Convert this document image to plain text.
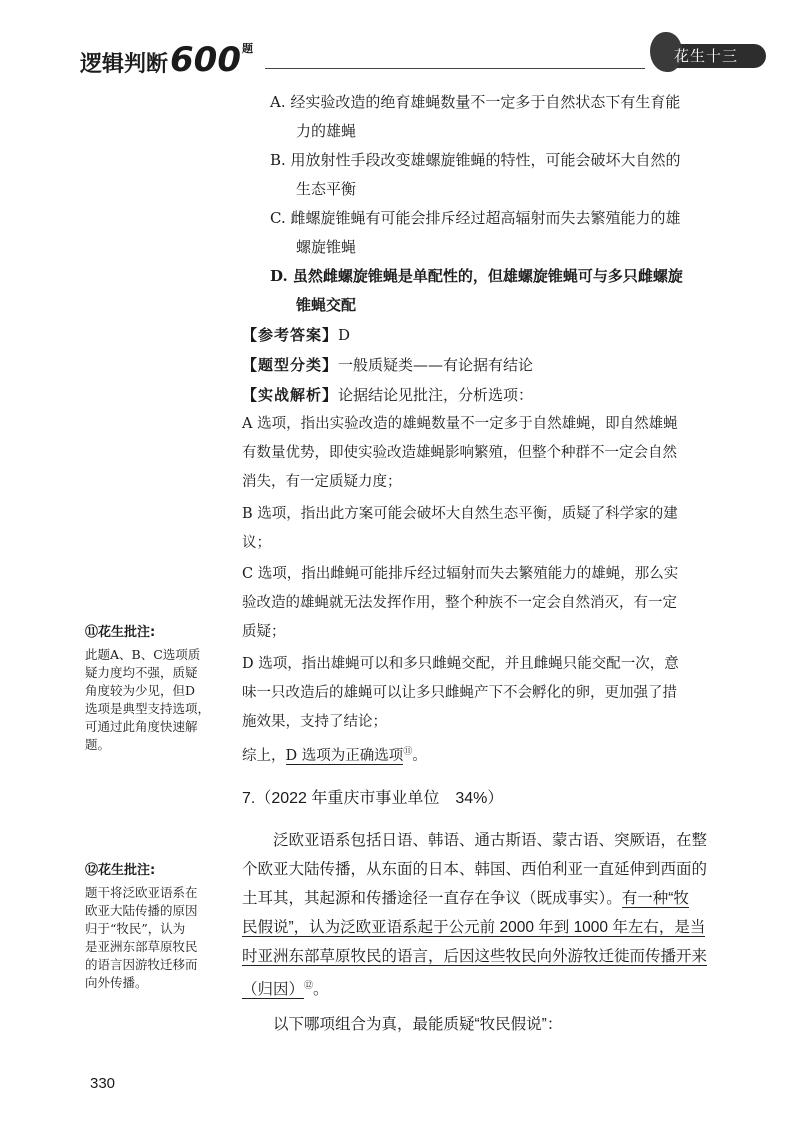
逻辑判断$600^题$	花生十三
A. 经实验改造的绝育雄蝇数量不一定多于自然状态下有生育能
力的雄蝇
B. 用放射性手段改变雄螺旋锥蝇的特性，可能会破坏大自然的
生态平衡
C. 雌螺旋锥蝇有可能会排斥经过超高辐射而失去繁殖能力的雄
螺旋锥蝇
D. 虽然雌螺旋锥蝇是单配性的，但雄螺旋锥蝇可与多只雌螺旋
锥蝇交配
【参考答案】D
【题型分类】一般质疑类——有论据有结论
【实战解析】论据结论见批注，分析选项：
A 选项，指出实验改造的雄蝇数量不一定多于自然雄蝇，即自然雄蝇
有数量优势，即使实验改造雄蝇影响繁殖，但整个种群不一定会自然
消失，有一定质疑力度；
B 选项，指出此方案可能会破坏大自然生态平衡，质疑了科学家的建
议；
C 选项，指出雌蝇可能排斥经过辐射而失去繁殖能力的雄蝇，那么实
验改造的雄蝇就无法发挥作用，整个种族不一定会自然消灭，有一定
质疑；
D 选项，指出雄蝇可以和多只雌蝇交配，并且雌蝇只能交配一次，意
味一只改造后的雄蝇可以让多只雌蝇产下不会孵化的卵，更加强了措
施效果，支持了结论；
综上，D 选项为正确选项⑪。
⑪花生批注:
此题A、B、C选项质
疑力度均不强，质疑
角度较为少见，但D
选项是典型支持选项，
可通过此角度快速解
题。
⑫花生批注:
题干将泛欧亚语系在
欧亚大陆传播的原因
归于“牧民”，认为
是亚洲东部草原牧民
的语言因游牧迁移而
向外传播。
7.（2022 年重庆市事业单位　34%）
泛欧亚语系包括日语、韩语、通古斯语、蒙古语、突厥语，在整
个欧亚大陆传播，从东面的日本、韩国、西伯利亚一直延伸到西面的
土耳其，其起源和传播途径一直存在争议（既成事实）。有一种“牧
民假说”，认为泛欧亚语系起于公元前 2000 年到 1000 年左右，是当
时亚洲东部草原牧民的语言，后因这些牧民向外游牧迁徙而传播开来
（归因）⑫。
以下哪项组合为真，最能质疑“牧民假说”：
330
